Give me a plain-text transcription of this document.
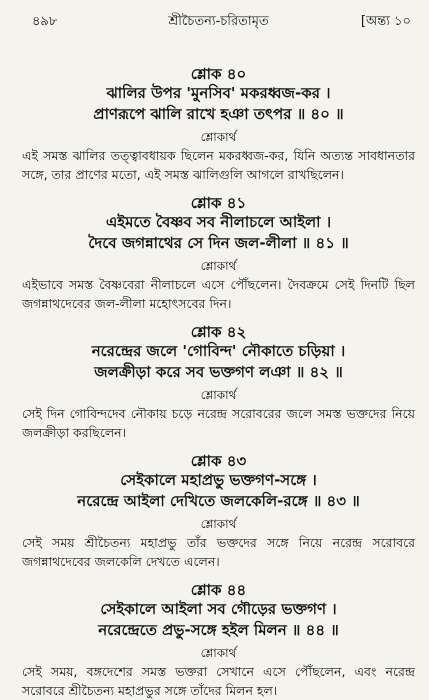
৪৯৮	শ্রীচৈতন্য-চরিতামৃত	[অন্ত্য ১০

শ্লোক ৪০

ঝালির উপর 'মুনসিব' মকরধ্বজ-কর ।

প্রাণরূপে ঝালি রাখে হঞা তৎপর ॥ ৪০ ॥

শ্লোকার্থ

এই সমস্ত ঝালির তত্ত্বাবধায়ক ছিলেন মকরধ্বজ-কর, যিনি অত্যন্ত সাবধানতার সঙ্গে, তার প্রাণের মতো, এই সমস্ত ঝালিগুলি আগলে রাখছিলেন।

শ্লোক ৪১

এইমতে বৈষ্ণব সব নীলাচলে আইলা ।

দৈবে জগন্নাথের সে দিন জল-লীলা ॥ ৪১ ॥

শ্লোকার্থ

এইভাবে সমস্ত বৈষ্ণবেরা নীলাচলে এসে পৌঁছলেন। দৈবক্রমে সেই দিনটি ছিল জগন্নাথদেবের জল-লীলা মহোৎসবের দিন।

শ্লোক ৪২

নরেন্দ্রের জলে 'গোবিন্দ' নৌকাতে চড়িয়া ।

জলক্রীড়া করে সব ভক্তগণ লঞা ॥ ৪২ ॥

শ্লোকার্থ

সেই দিন গোবিন্দদেব নৌকায় চড়ে নরেন্দ্র সরোবরের জলে সমস্ত ভক্তদের নিয়ে জলক্রীড়া করছিলেন।

শ্লোক ৪৩

সেইকালে মহাপ্রভু ভক্তগণ-সঙ্গে ।

নরেন্দ্রে আইলা দেখিতে জলকেলি-রঙ্গে ॥ ৪৩ ॥

শ্লোকার্থ

সেই সময় শ্রীচৈতন্য মহাপ্রভু তাঁর ভক্তদের সঙ্গে নিয়ে নরেন্দ্র সরোবরে জগন্নাথদেবের জলকেলি দেখতে এলেন।

শ্লোক ৪৪

সেইকালে আইলা সব গৌড়ের ভক্তগণ ।

নরেন্দ্রেতে প্রভু-সঙ্গে হইল মিলন ॥ ৪৪ ॥

শ্লোকার্থ

সেই সময়, বঙ্গদেশের সমস্ত ভক্তরা সেখানে এসে পৌঁছলেন, এবং নরেন্দ্র সরোবরে শ্রীচৈতন্য মহাপ্রভুর সঙ্গে তাঁদের মিলন হল।
